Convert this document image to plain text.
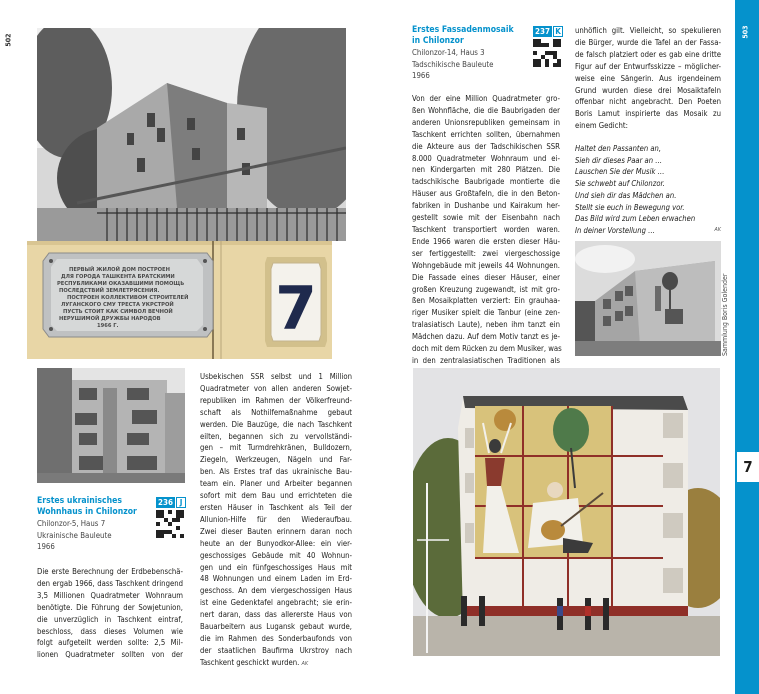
502
ПЕРВЫЙ ЖИЛОЙ ДОМ ПОСТРОЕН
ДЛЯ ГОРОДА ТАШКЕНТА БРАТСКИМИ
РЕСПУБЛИКАМИ ОКАЗАВШИМИ ПОМОЩЬ
ПОСЛЕДСТВИЙ ЗЕМЛЕТРЯСЕНИЯ.
ПОСТРОЕН КОЛЛЕКТИВОМ СТРОИТЕЛЕЙ
ЛУГАНСКОГО СМУ ТРЕСТА УКРСТРОЙ
ПУСТЬ СТОИТ КАК СИМВОЛ ВЕЧНОЙ
НЕРУШИМОЙ ДРУЖБЫ НАРОДОВ
1966 Г.	7
Erstes ukrainisches
Wohnhaus in Chilonzor
Chilonzor-5, Haus 7
Ukrainische Bauleute
1966
236 J
Die erste Berechnung der Erdbebenschä-
den ergab 1966, dass Taschkent dringend
3,5 Millionen Quadratmeter Wohnraum
benötigte. Die Führung der Sowjetunion,
die unverzüglich in Taschkent eintraf,
beschloss, dass dieses Volumen wie
folgt aufgeteilt werden sollte: 2,5 Mil-
lionen Quadratmeter sollten von der
Usbekischen SSR selbst und 1 Million
Quadratmeter von allen anderen Sowjet-
republiken im Rahmen der Völkerfreund-
schaft als Nothilfemaßnahme gebaut
werden. Die Bauzüge, die nach Taschkent
eilten, begannen sich zu vervollständi-
gen – mit Turmdrehkränen, Bulldozern,
Ziegeln, Werkzeugen, Nägeln und Far-
ben. Als Erstes traf das ukrainische Bau-
team ein. Planer und Arbeiter begannen
sofort mit dem Bau und errichteten die
ersten Häuser in Taschkent als Teil der
Allunion-Hilfe für den Wiederaufbau.
Zwei dieser Bauten erinnern daran noch
heute an der Bunyodkor-Allee: ein vier-
geschossiges Gebäude mit 40 Wohnun-
gen und ein fünfgeschossiges Haus mit
48 Wohnungen und einem Laden im Erd-
geschoss. An dem viergeschossigen Haus
ist eine Gedenktafel angebracht; sie erin-
nert daran, dass das allererste Haus von
Bauarbeitern aus Lugansk gebaut wurde,
die im Rahmen des Sonderbaufonds von
der staatlichen Baufirma Ukrstroy nach
Taschkent geschickt wurden. AK
Erstes Fassadenmosaik
in Chilonzor
Chilonzor-14, Haus 3
Tadschikische Bauleute
1966
237 K
Von der eine Million Quadratmeter gro-
ßen Wohnfläche, die die Baubrigaden der
anderen Unionsrepubliken gemeinsam in
Taschkent errichten sollten, übernahmen
die Akteure aus der Tadschikischen SSR
8.000 Quadratmeter Wohnraum und ei-
nen Kindergarten mit 280 Plätzen. Die
tadschikische Baubrigade montierte die
Häuser aus Großtafeln, die in den Beton-
fabriken in Dushanbe und Kairakum her-
gestellt sowie mit der Eisenbahn nach
Taschkent transportiert worden waren.
Ende 1966 waren die ersten dieser Häu-
ser fertiggestellt: zwei viergeschossige
Wohngebäude mit jeweils 44 Wohnungen.
Die Fassade eines dieser Häuser, einer
großen Kreuzung zugewandt, ist mit gro-
ßen Mosaikplatten verziert: Ein grauhaa-
riger Musiker spielt die Tanbur (eine zen-
tralasiatisch Laute), neben ihm tanzt ein
Mädchen dazu. Auf dem Motiv tanzt es je-
doch mit dem Rücken zu dem Musiker, was
in den zentralasiatischen Traditionen als
unhöflich gilt. Vielleicht, so spekulieren
die Bürger, wurde die Tafel an der Fassa-
de falsch platziert oder es gab eine dritte
Figur auf der Entwurfsskizze – möglicher-
weise eine Sängerin. Aus irgendeinem
Grund wurden diese drei Mosaiktafeln
offenbar nicht angebracht. Den Poeten
Boris Lamut inspirierte das Mosaik zu
einem Gedicht:
Haltet den Passanten an,
Sieh dir dieses Paar an …
Lauschen Sie der Musik …
Sie schwebt auf Chilonzor.
Und sieh dir das Mädchen an.
Stellt sie euch in Bewegung vor.
Das Bild wird zum Leben erwachen
In deiner Vorstellung …	AK
Sammlung Boris Golender
503
7
